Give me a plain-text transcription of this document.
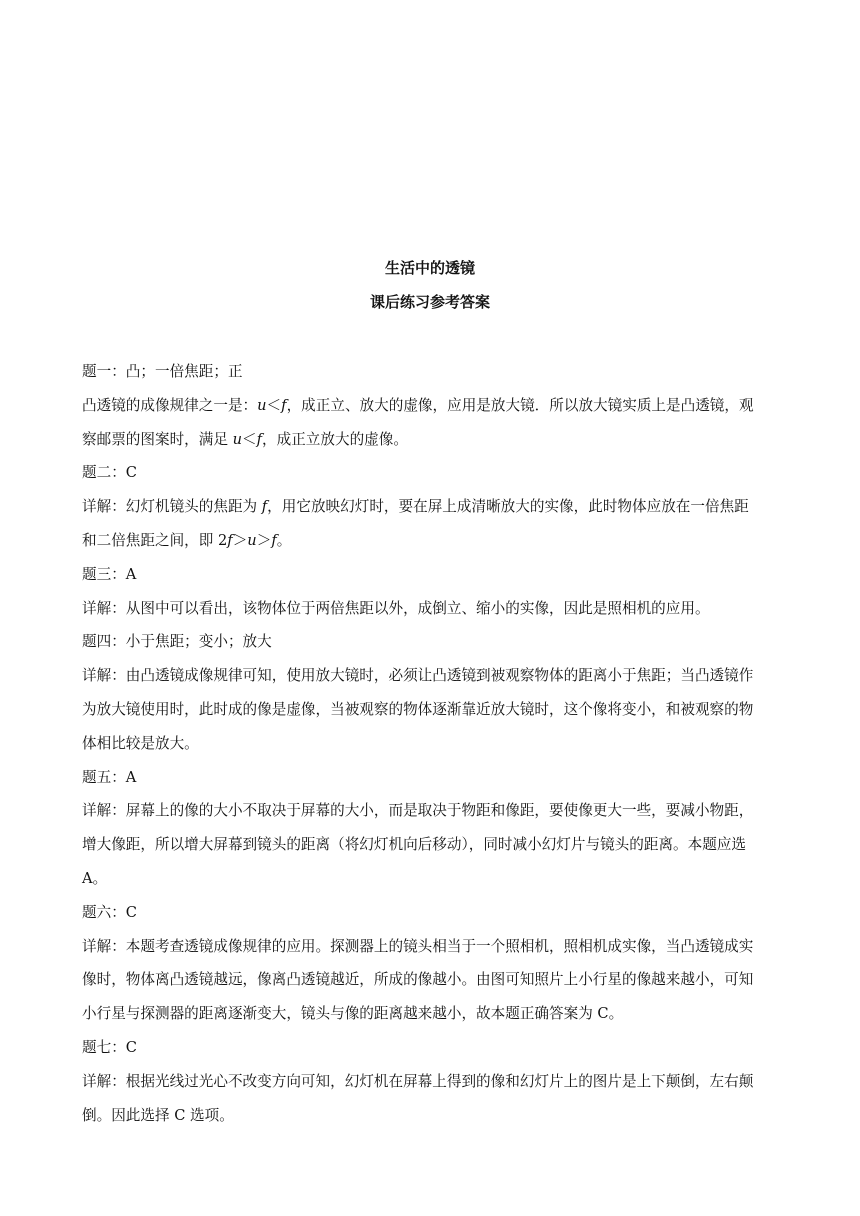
生活中的透镜
课后练习参考答案
题一：凸；一倍焦距；正
凸透镜的成像规律之一是：u＜f，成正立、放大的虚像，应用是放大镜．所以放大镜实质上是凸透镜，观
察邮票的图案时，满足 u＜f，成正立放大的虚像。
题二：C
详解：幻灯机镜头的焦距为 f，用它放映幻灯时，要在屏上成清晰放大的实像，此时物体应放在一倍焦距
和二倍焦距之间，即 2f＞u＞f。
题三：A
详解：从图中可以看出，该物体位于两倍焦距以外，成倒立、缩小的实像，因此是照相机的应用。
题四：小于焦距；变小；放大
详解：由凸透镜成像规律可知，使用放大镜时，必须让凸透镜到被观察物体的距离小于焦距；当凸透镜作
为放大镜使用时，此时成的像是虚像，当被观察的物体逐渐靠近放大镜时，这个像将变小，和被观察的物
体相比较是放大。
题五：A
详解：屏幕上的像的大小不取决于屏幕的大小，而是取决于物距和像距，要使像更大一些，要减小物距，
增大像距，所以增大屏幕到镜头的距离（将幻灯机向后移动），同时减小幻灯片与镜头的距离。本题应选
A。
题六：C
详解：本题考查透镜成像规律的应用。探测器上的镜头相当于一个照相机，照相机成实像，当凸透镜成实
像时，物体离凸透镜越远，像离凸透镜越近，所成的像越小。由图可知照片上小行星的像越来越小，可知
小行星与探测器的距离逐渐变大，镜头与像的距离越来越小，故本题正确答案为 C。
题七：C
详解：根据光线过光心不改变方向可知，幻灯机在屏幕上得到的像和幻灯片上的图片是上下颠倒，左右颠
倒。因此选择 C 选项。
